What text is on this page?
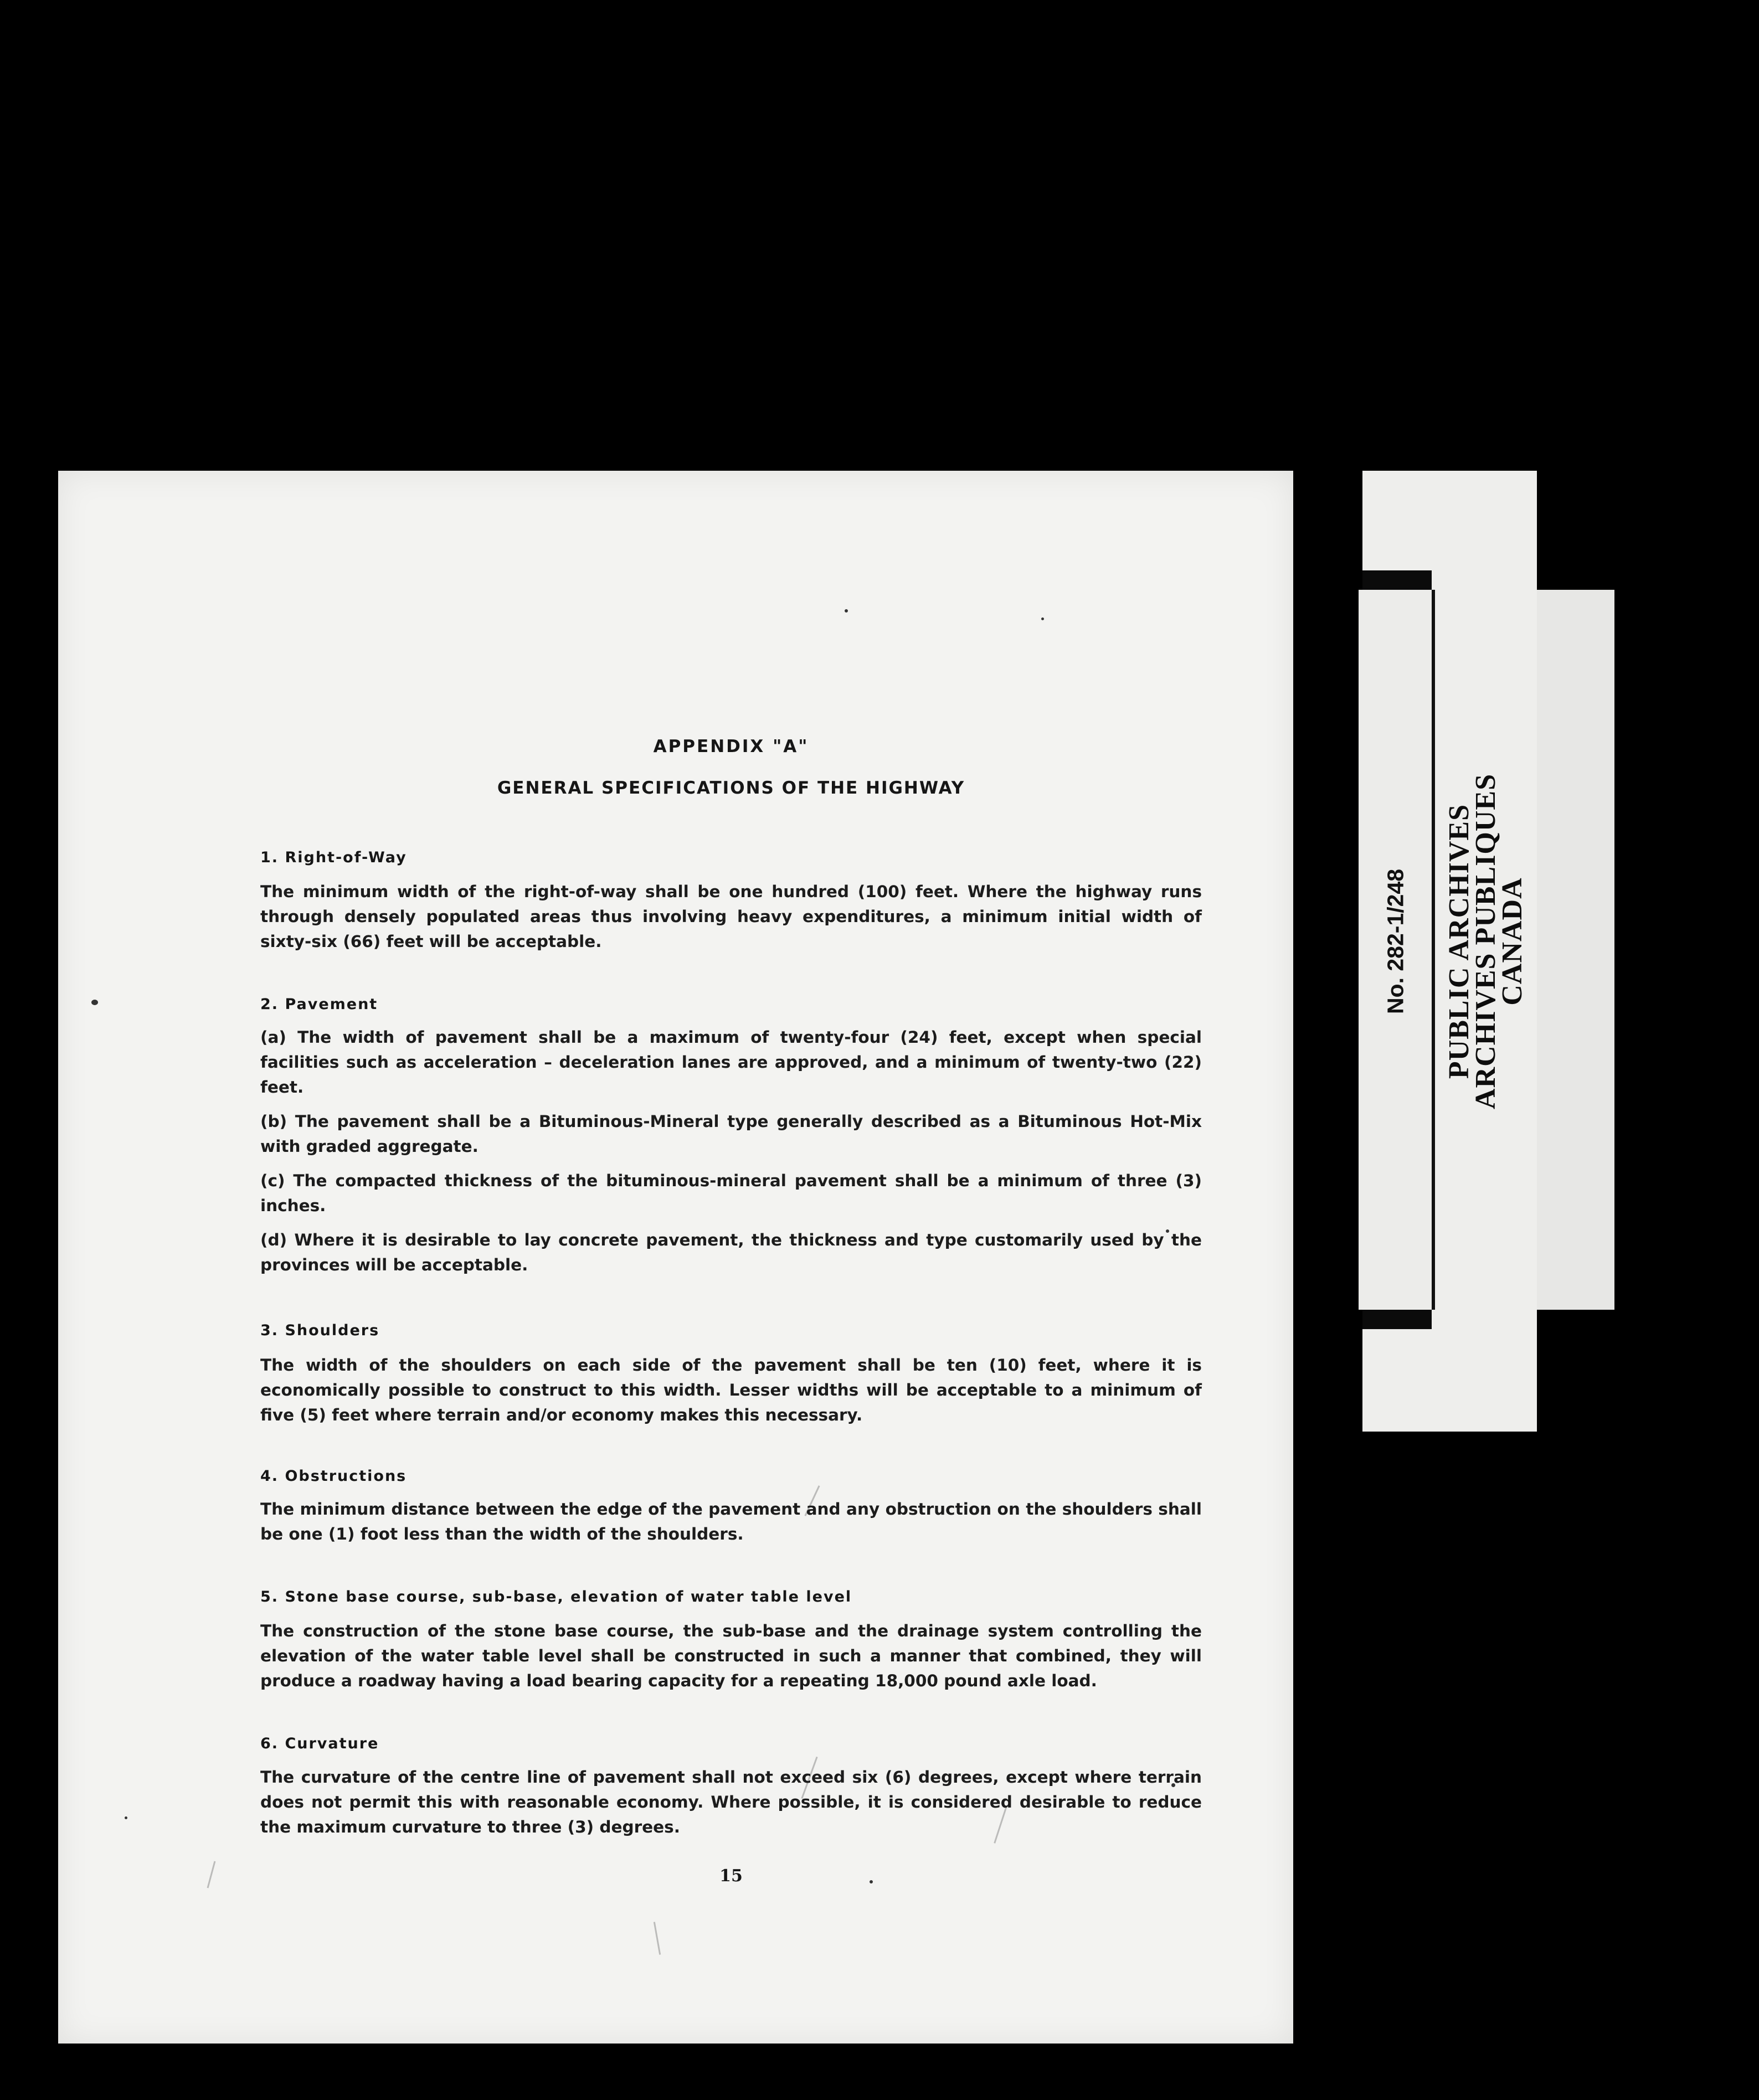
APPENDIX "A"
GENERAL SPECIFICATIONS OF THE HIGHWAY
1. Right-of-Way
The minimum width of the right-of-way shall be one hundred (100) feet. Where the highway runs through densely populated areas thus involving heavy expenditures, a minimum initial width of sixty-six (66) feet will be acceptable.
2. Pavement
(a) The width of pavement shall be a maximum of twenty-four (24) feet, except when special facilities such as acceleration – deceleration lanes are approved, and a minimum of twenty-two (22) feet.
(b) The pavement shall be a Bituminous-Mineral type generally described as a Bituminous Hot-Mix with graded aggregate.
(c) The compacted thickness of the bituminous-mineral pavement shall be a minimum of three (3) inches.
(d) Where it is desirable to lay concrete pavement, the thickness and type customarily used by the provinces will be acceptable.
3. Shoulders
The width of the shoulders on each side of the pavement shall be ten (10) feet, where it is economically possible to construct to this width. Lesser widths will be acceptable to a minimum of five (5) feet where terrain and/or economy makes this necessary.
4. Obstructions
The minimum distance between the edge of the pavement and any obstruction on the shoulders shall be one (1) foot less than the width of the shoulders.
5. Stone base course, sub-base, elevation of water table level
The construction of the stone base course, the sub-base and the drainage system controlling the elevation of the water table level shall be constructed in such a manner that combined, they will produce a roadway having a load bearing capacity for a repeating 18,000 pound axle load.
6. Curvature
The curvature of the centre line of pavement shall not exceed six (6) degrees, except where terrain does not permit this with reasonable economy. Where possible, it is considered desirable to reduce the maximum curvature to three (3) degrees.
15
No. 282-1/248 PUBLIC ARCHIVES
ARCHIVES PUBLIQUES
CANADA
